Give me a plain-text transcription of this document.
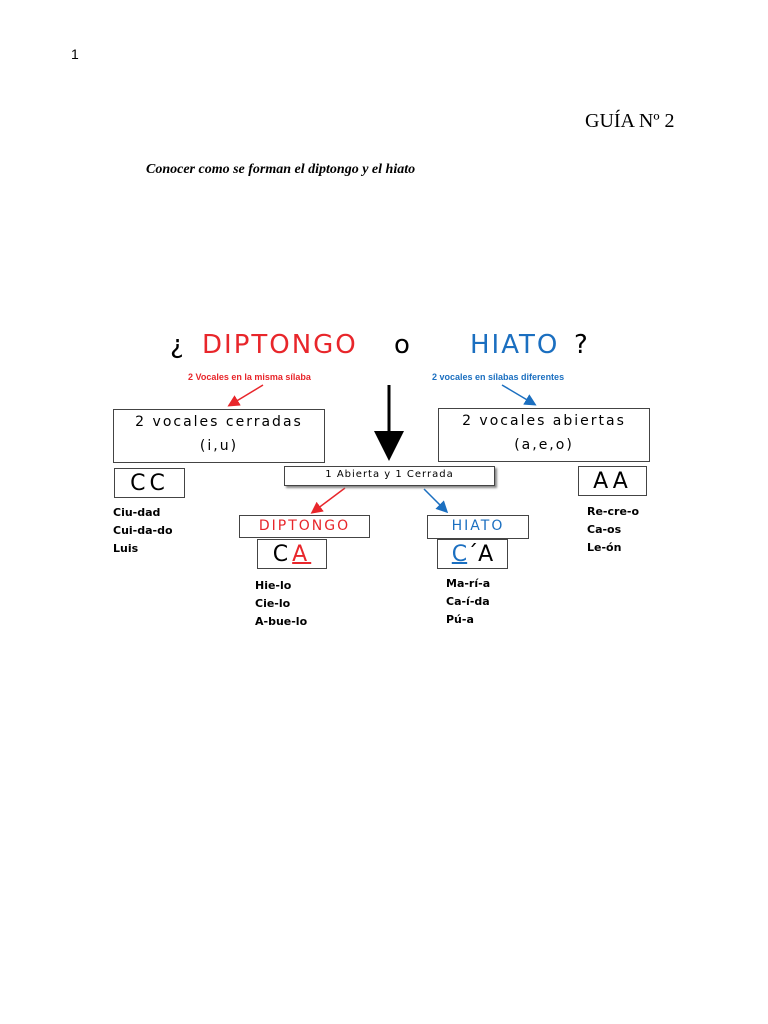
1
GUÍA Nº 2
Conocer como se forman el diptongo y el hiato
¿ DIPTONGO o HIATO ?
2 Vocales en la misma sílaba	2 vocales en sílabas diferentes
2 vocales cerradas
(i,u)
2 vocales abiertas
(a,e,o)
1 Abierta y 1 Cerrada
CC	AA
Ciu-dad
Cui-da-do
Luis
Re-cre-o
Ca-os
Le-ón
DIPTONGO	HIATO
C A	C ´ A
Hie-lo
Cie-lo
A-bue-lo
Ma-rí-a
Ca-í-da
Pú-a
